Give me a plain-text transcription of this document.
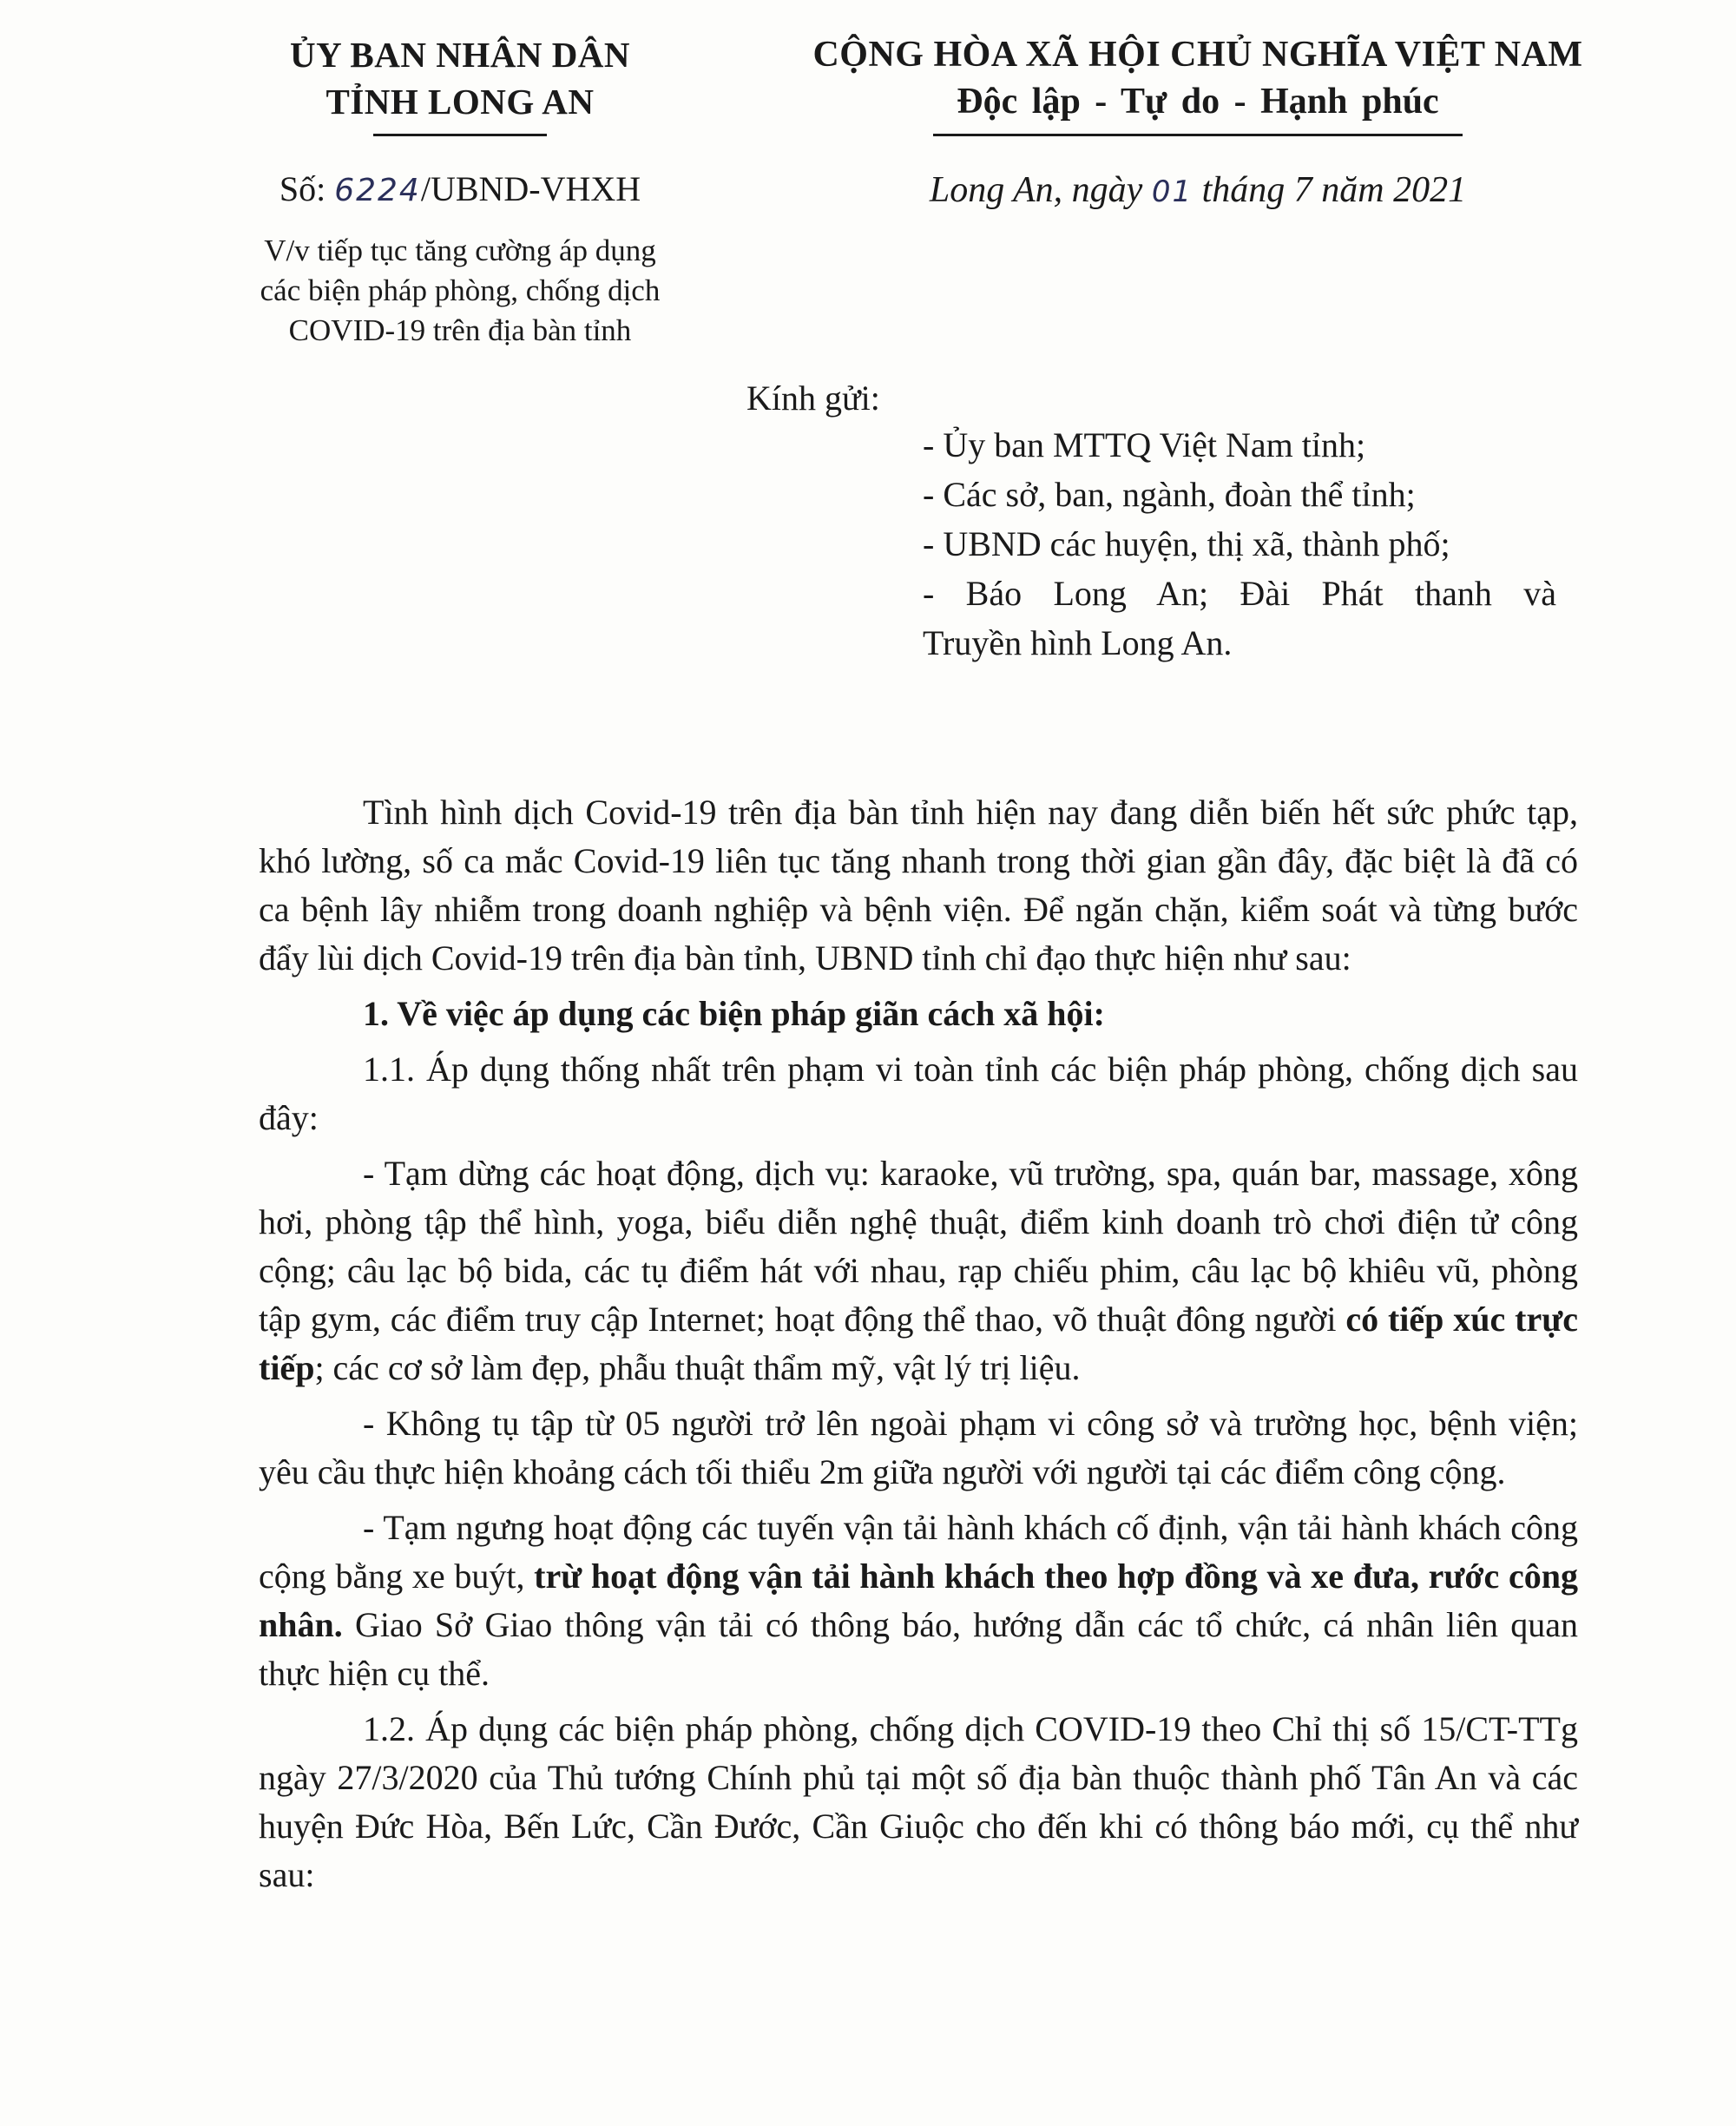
ỦY BAN NHÂN DÂN
TỈNH LONG AN
CỘNG HÒA XÃ HỘI CHỦ NGHĨA VIỆT NAM
Độc lập - Tự do - Hạnh phúc
Số: 6224/UBND-VHXH
V/v tiếp tục tăng cường áp dụng
các biện pháp phòng, chống dịch
COVID-19 trên địa bàn tỉnh
Long An, ngày 01 tháng 7 năm 2021
Kính gửi:
- Ủy ban MTTQ Việt Nam tỉnh;
- Các sở, ban, ngành, đoàn thể tỉnh;
- UBND các huyện, thị xã, thành phố;
- Báo Long An; Đài Phát thanh và
Truyền hình Long An.

Tình hình dịch Covid-19 trên địa bàn tỉnh hiện nay đang diễn biến hết sức phức tạp, khó lường, số ca mắc Covid-19 liên tục tăng nhanh trong thời gian gần đây, đặc biệt là đã có ca bệnh lây nhiễm trong doanh nghiệp và bệnh viện. Để ngăn chặn, kiểm soát và từng bước đẩy lùi dịch Covid-19 trên địa bàn tỉnh, UBND tỉnh chỉ đạo thực hiện như sau:

1. Về việc áp dụng các biện pháp giãn cách xã hội:

1.1. Áp dụng thống nhất trên phạm vi toàn tỉnh các biện pháp phòng, chống dịch sau đây:

- Tạm dừng các hoạt động, dịch vụ: karaoke, vũ trường, spa, quán bar, massage, xông hơi, phòng tập thể hình, yoga, biểu diễn nghệ thuật, điểm kinh doanh trò chơi điện tử công cộng; câu lạc bộ bida, các tụ điểm hát với nhau, rạp chiếu phim, câu lạc bộ khiêu vũ, phòng tập gym, các điểm truy cập Internet; hoạt động thể thao, võ thuật đông người có tiếp xúc trực tiếp; các cơ sở làm đẹp, phẫu thuật thẩm mỹ, vật lý trị liệu.

- Không tụ tập từ 05 người trở lên ngoài phạm vi công sở và trường học, bệnh viện; yêu cầu thực hiện khoảng cách tối thiểu 2m giữa người với người tại các điểm công cộng.

- Tạm ngưng hoạt động các tuyến vận tải hành khách cố định, vận tải hành khách công cộng bằng xe buýt, trừ hoạt động vận tải hành khách theo hợp đồng và xe đưa, rước công nhân. Giao Sở Giao thông vận tải có thông báo, hướng dẫn các tổ chức, cá nhân liên quan thực hiện cụ thể.

1.2. Áp dụng các biện pháp phòng, chống dịch COVID-19 theo Chỉ thị số 15/CT-TTg ngày 27/3/2020 của Thủ tướng Chính phủ tại một số địa bàn thuộc thành phố Tân An và các huyện Đức Hòa, Bến Lức, Cần Đước, Cần Giuộc cho đến khi có thông báo mới, cụ thể như sau:
